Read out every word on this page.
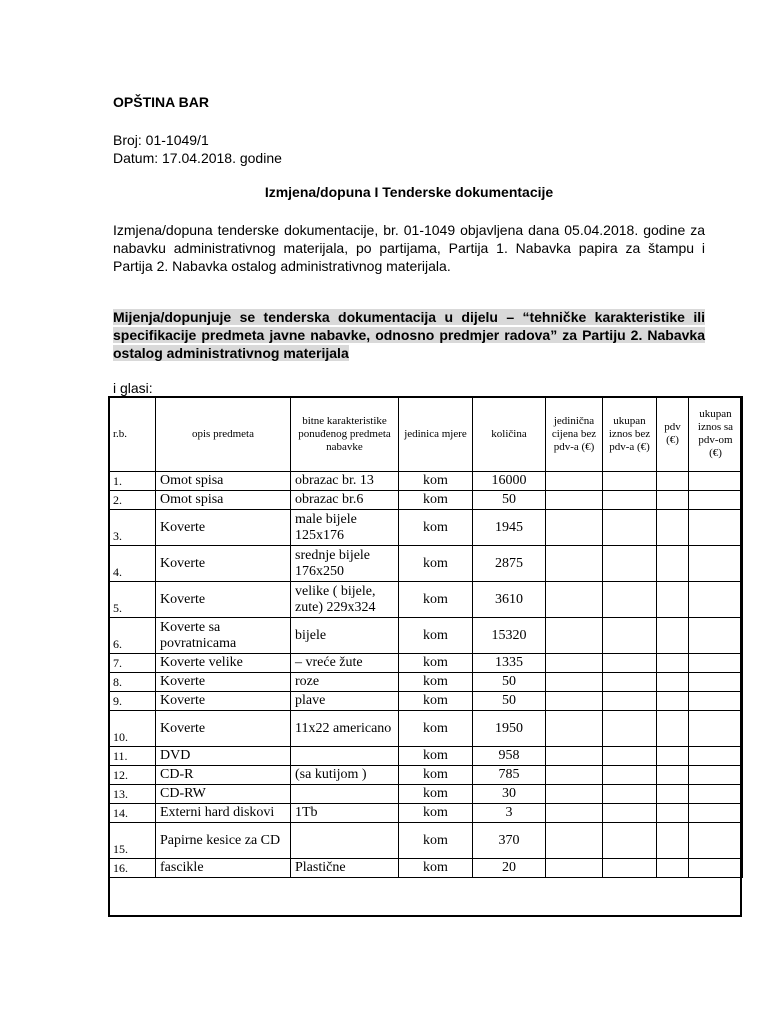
OPŠTINA BAR
Broj: 01-1049/1
Datum: 17.04.2018. godine
Izmjena/dopuna I Tenderske dokumentacije
Izmjena/dopuna tenderske dokumentacije, br. 01-1049 objavljena dana 05.04.2018. godine za nabavku administrativnog materijala, po partijama, Partija 1. Nabavka papira za štampu i Partija 2. Nabavka ostalog administrativnog materijala.
Mijenja/dopunjuje se tenderska dokumentacija u dijelu – “tehničke karakteristike ili specifikacije predmeta javne nabavke, odnosno predmjer radova” za Partiju 2. Nabavka ostalog administrativnog materijala
i glasi:
r.b.	opis predmeta	bitne karakteristike ponuđenog predmeta nabavke	jedinica mjere	količina	jedinična cijena bez pdv-a (€)	ukupan iznos bez pdv-a (€)	pdv (€)	ukupan iznos sa pdv-om (€)
1.	Omot spisa	obrazac br. 13	kom	16000				
2.	Omot spisa	obrazac br.6	kom	50				
3.	Koverte	male bijele 125x176	kom	1945				
4.	Koverte	srednje bijele 176x250	kom	2875				
5.	Koverte	velike ( bijele, zute) 229x324	kom	3610				
6.	Koverte sa povratnicama	bijele	kom	15320				
7.	Koverte velike	– vreće žute	kom	1335				
8.	Koverte	roze	kom	50				
9.	Koverte	plave	kom	50				
10.	Koverte	11x22 americano	kom	1950				
11.	DVD		kom	958				
12.	CD-R	(sa kutijom )	kom	785				
13.	CD-RW		kom	30				
14.	Externi hard diskovi	1Tb	kom	3				
15.	Papirne kesice za CD		kom	370				
16.	fascikle	Plastične	kom	20				
